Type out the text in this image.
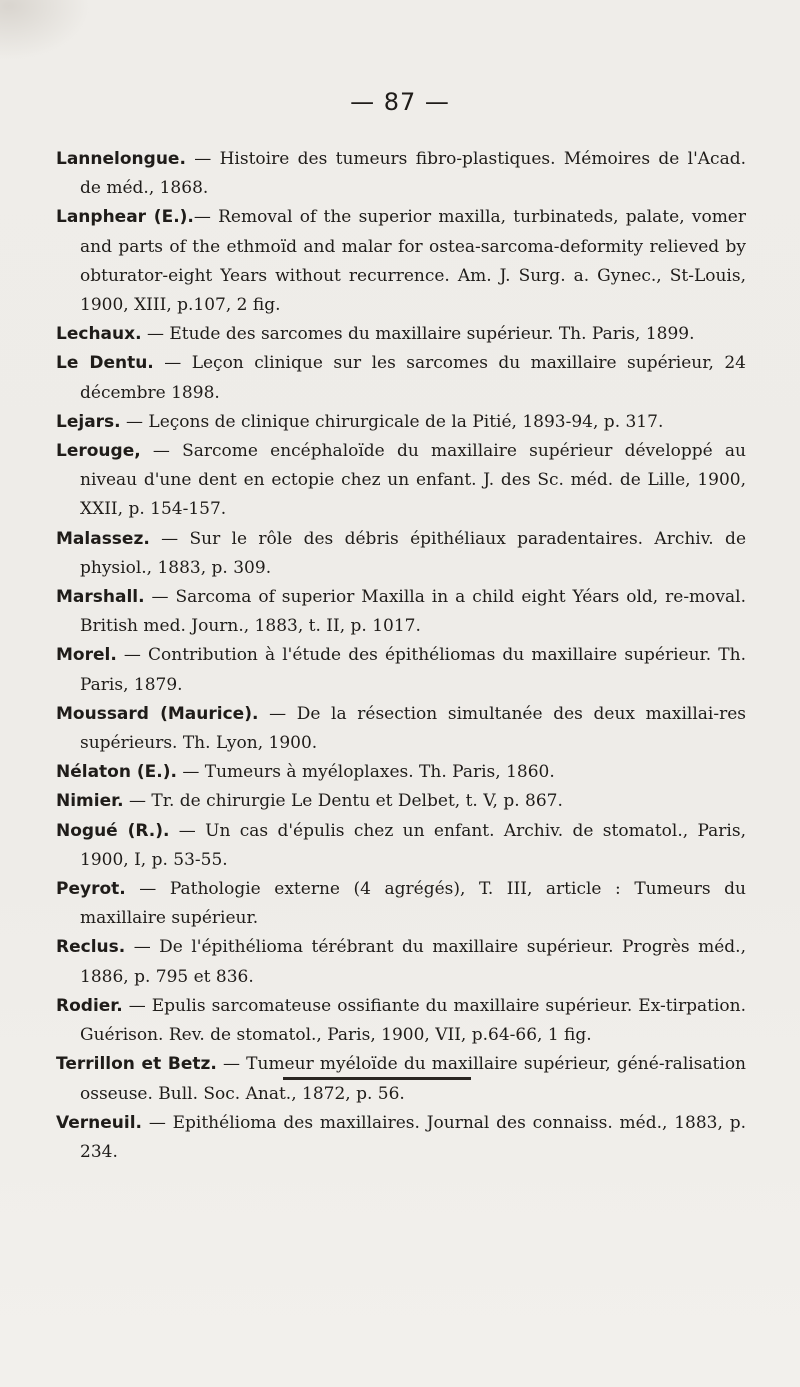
— 87 —

Lannelongue. — Histoire des tumeurs fibro-plastiques. Mémoires de l'Acad. de méd., 1868.

Lanphear (E.).— Removal of the superior maxilla, turbinateds, palate, vomer and parts of the ethmoïd and malar for ostea-sarcoma-deformity relieved by obturator-eight Years without recurrence. Am. J. Surg. a. Gynec., St-Louis, 1900, XIII, p.107, 2 fig.

Lechaux. — Etude des sarcomes du maxillaire supérieur. Th. Paris, 1899.

Le Dentu. — Leçon clinique sur les sarcomes du maxillaire supérieur, 24 décembre 1898.

Lejars. — Leçons de clinique chirurgicale de la Pitié, 1893-94, p. 317.

Lerouge, — Sarcome encéphaloïde du maxillaire supérieur développé au niveau d'une dent en ectopie chez un enfant. J. des Sc. méd. de Lille, 1900, XXII, p. 154-157.

Malassez. — Sur le rôle des débris épithéliaux paradentaires. Archiv. de physiol., 1883, p. 309.

Marshall. — Sarcoma of superior Maxilla in a child eight Yéars old, re-moval. British med. Journ., 1883, t. II, p. 1017.

Morel. — Contribution à l'étude des épithéliomas du maxillaire supérieur. Th. Paris, 1879.

Moussard (Maurice). — De la résection simultanée des deux maxillai-res supérieurs. Th. Lyon, 1900.

Nélaton (E.). — Tumeurs à myéloplaxes. Th. Paris, 1860.

Nimier. — Tr. de chirurgie Le Dentu et Delbet, t. V, p. 867.

Nogué (R.). — Un cas d'épulis chez un enfant. Archiv. de stomatol., Paris, 1900, I, p. 53-55.

Peyrot. — Pathologie externe (4 agrégés), T. III, article : Tumeurs du maxillaire supérieur.

Reclus. — De l'épithélioma térébrant du maxillaire supérieur. Progrès méd., 1886, p. 795 et 836.

Rodier. — Epulis sarcomateuse ossifiante du maxillaire supérieur. Ex-tirpation. Guérison. Rev. de stomatol., Paris, 1900, VII, p.64-66, 1 fig.

Terrillon et Betz. — Tumeur myéloïde du maxillaire supérieur, géné-ralisation osseuse. Bull. Soc. Anat., 1872, p. 56.

Verneuil. — Epithélioma des maxillaires. Journal des connaiss. méd., 1883, p. 234.
